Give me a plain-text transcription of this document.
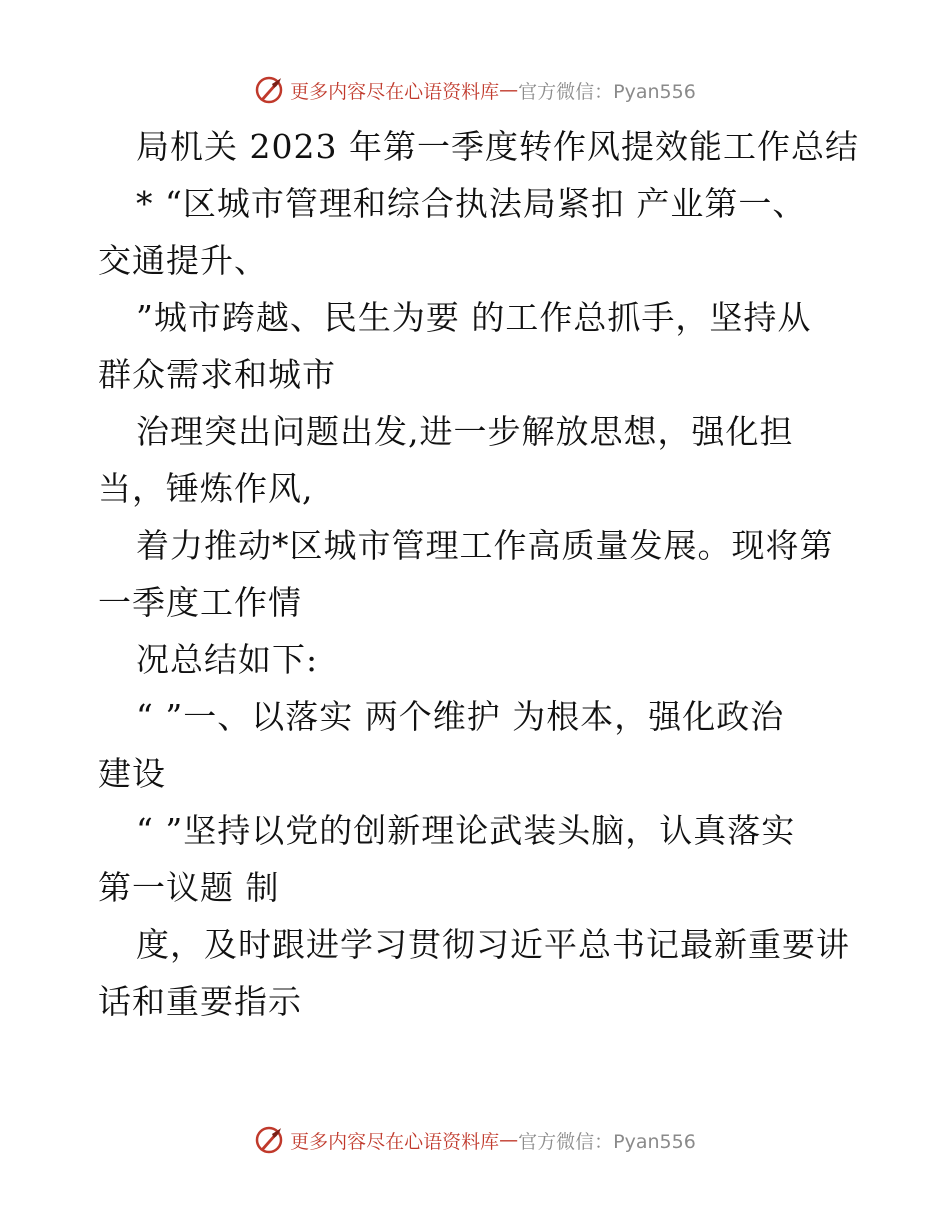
更多内容尽在心语资料库 — 官方微信：Pyan556
局机关 2023 年第一季度转作风提效能工作总结
* “区城市管理和综合执法局紧扣 产业第一、
交通提升、
”城市跨越、民生为要 的工作总抓手，坚持从
群众需求和城市
治理突出问题出发,进一步解放思想，强化担
当，锤炼作风,
着力推动*区城市管理工作高质量发展。现将第
一季度工作情
况总结如下:
“ ”一、以落实 两个维护 为根本，强化政治
建设
“ ”坚持以党的创新理论武装头脑，认真落实
第一议题 制
度，及时跟进学习贯彻习近平总书记最新重要讲
话和重要指示
更多内容尽在心语资料库 — 官方微信：Pyan556
